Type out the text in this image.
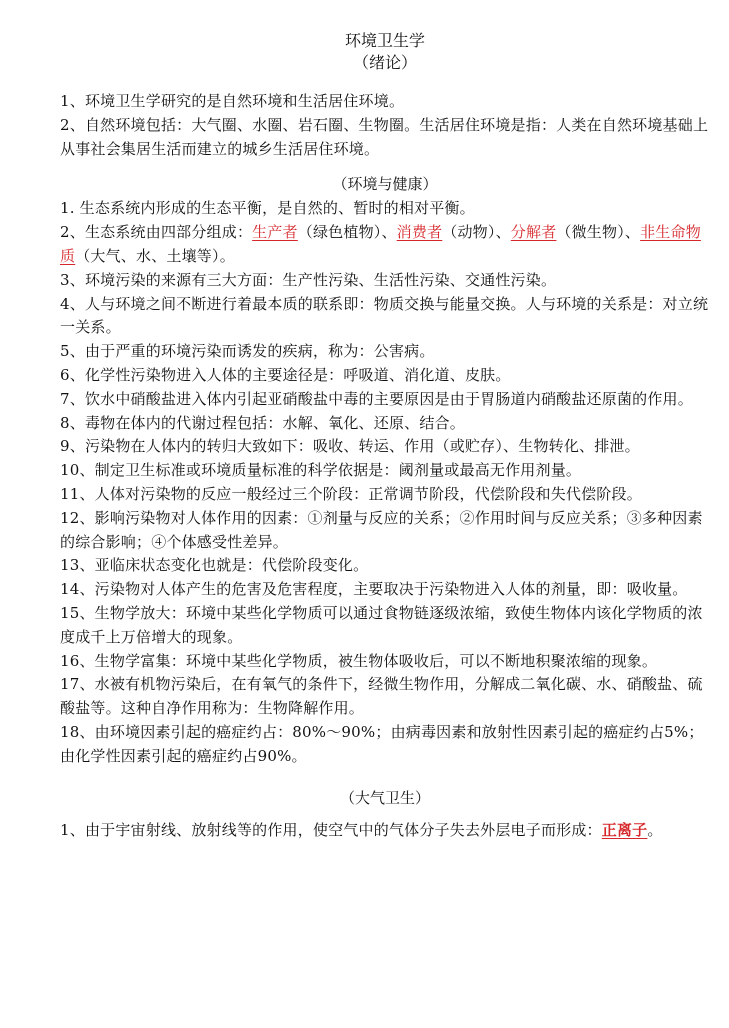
环境卫生学

（绪论）

1、环境卫生学研究的是自然环境和生活居住环境。

2、自然环境包括：大气圈、水圈、岩石圈、生物圈。生活居住环境是指：人类在自然环境基础上从事社会集居生活而建立的城乡生活居住环境。

（环境与健康）

1. 生态系统内形成的生态平衡，是自然的、暂时的相对平衡。

2、生态系统由四部分组成：生产者（绿色植物）、消费者（动物）、分解者（微生物）、非生命物质（大气、水、土壤等）。

3、环境污染的来源有三大方面：生产性污染、生活性污染、交通性污染。

4、人与环境之间不断进行着最本质的联系即：物质交换与能量交换。人与环境的关系是：对立统一关系。

5、由于严重的环境污染而诱发的疾病，称为：公害病。

6、化学性污染物进入人体的主要途径是：呼吸道、消化道、皮肤。

7、饮水中硝酸盐进入体内引起亚硝酸盐中毒的主要原因是由于胃肠道内硝酸盐还原菌的作用。

8、毒物在体内的代谢过程包括：水解、氧化、还原、结合。

9、污染物在人体内的转归大致如下：吸收、转运、作用（或贮存）、生物转化、排泄。

10、制定卫生标准或环境质量标准的科学依据是：阈剂量或最高无作用剂量。

11、人体对污染物的反应一般经过三个阶段：正常调节阶段，代偿阶段和失代偿阶段。

12、影响污染物对人体作用的因素：①剂量与反应的关系；②作用时间与反应关系；③多种因素的综合影响；④个体感受性差异。

13、亚临床状态变化也就是：代偿阶段变化。

14、污染物对人体产生的危害及危害程度，主要取决于污染物进入人体的剂量，即：吸收量。

15、生物学放大：环境中某些化学物质可以通过食物链逐级浓缩，致使生物体内该化学物质的浓度成千上万倍增大的现象。

16、生物学富集：环境中某些化学物质，被生物体吸收后，可以不断地积聚浓缩的现象。

17、水被有机物污染后，在有氧气的条件下，经微生物作用，分解成二氧化碳、水、硝酸盐、硫酸盐等。这种自净作用称为：生物降解作用。

18、由环境因素引起的癌症约占：80%～90%；由病毒因素和放射性因素引起的癌症约占5%；由化学性因素引起的癌症约占90%。

（大气卫生）

1、由于宇宙射线、放射线等的作用，使空气中的气体分子失去外层电子而形成：正离子。
